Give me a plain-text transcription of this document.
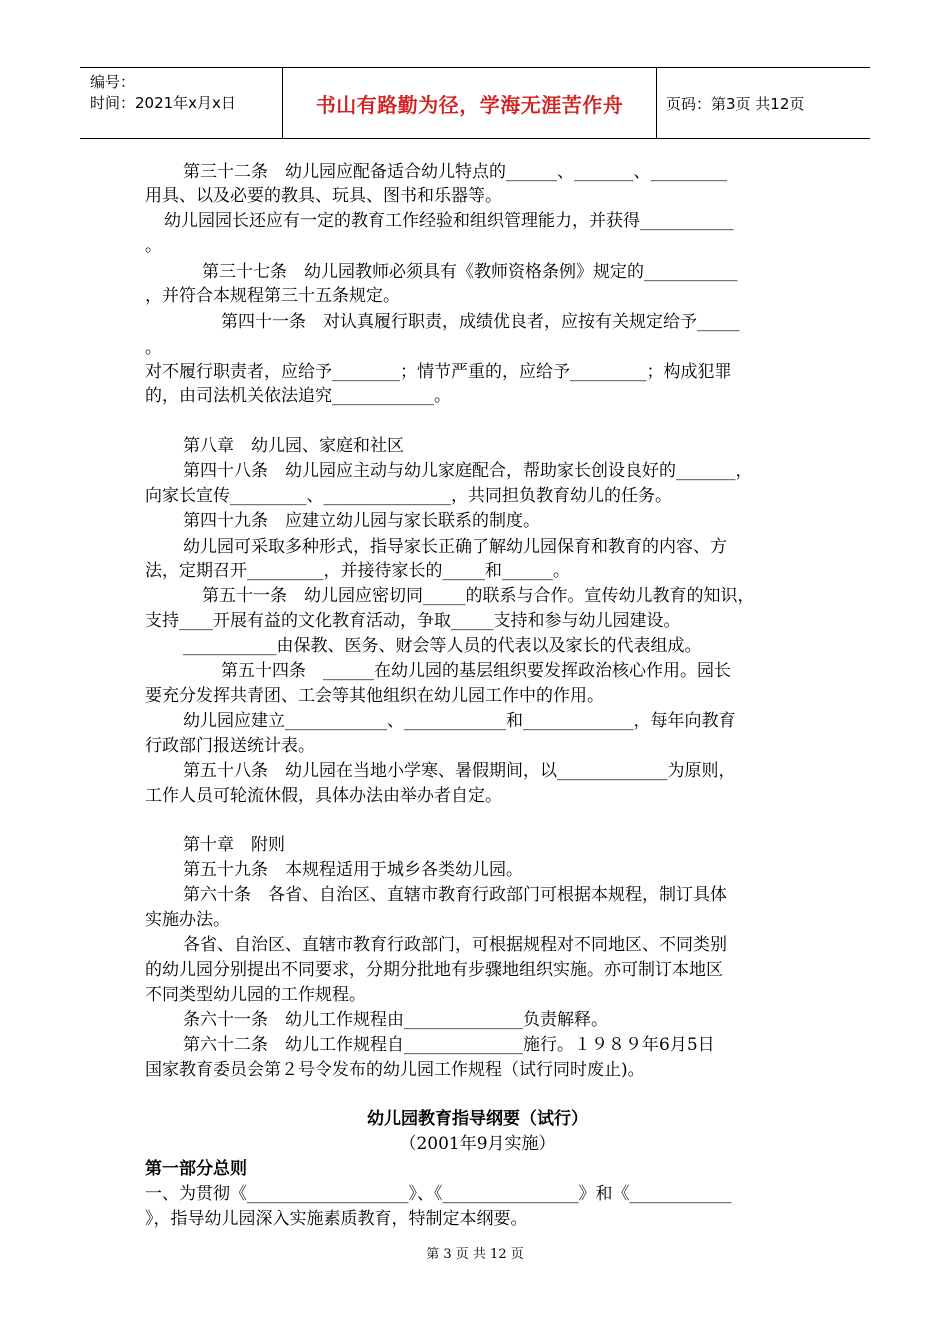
编号：
时间：2021年x月x日	书山有路勤为径，学海无涯苦作舟	页码：第3页 共12页
第三十二条　幼儿园应配备适合幼儿特点的______、_______、_________
用具、以及必要的教具、玩具、图书和乐器等。
幼儿园园长还应有一定的教育工作经验和组织管理能力，并获得___________
。
第三十七条　幼儿园教师必须具有《教师资格条例》规定的___________
，并符合本规程第三十五条规定。
第四十一条　对认真履行职责，成绩优良者，应按有关规定给予_____
。
对不履行职责者，应给予________；情节严重的，应给予_________；构成犯罪
的，由司法机关依法追究____________。
第八章　幼儿园、家庭和社区
第四十八条　幼儿园应主动与幼儿家庭配合，帮助家长创设良好的_______，
向家长宣传_________、_______________，共同担负教育幼儿的任务。
第四十九条　应建立幼儿园与家长联系的制度。
幼儿园可采取多种形式，指导家长正确了解幼儿园保育和教育的内容、方
法，定期召开_________，并接待家长的_____和______。
第五十一条　幼儿园应密切同_____的联系与合作。宣传幼儿教育的知识，
支持____开展有益的文化教育活动，争取_____支持和参与幼儿园建设。
___________由保教、医务、财会等人员的代表以及家长的代表组成。
第五十四条　______在幼儿园的基层组织要发挥政治核心作用。园长
要充分发挥共青团、工会等其他组织在幼儿园工作中的作用。
幼儿园应建立____________、____________和_____________，每年向教育
行政部门报送统计表。
第五十八条　幼儿园在当地小学寒、暑假期间，以_____________为原则，
工作人员可轮流休假，具体办法由举办者自定。
第十章　附则
第五十九条　本规程适用于城乡各类幼儿园。
第六十条　各省、自治区、直辖市教育行政部门可根据本规程，制订具体
实施办法。
各省、自治区、直辖市教育行政部门，可根据规程对不同地区、不同类别
的幼儿园分别提出不同要求，分期分批地有步骤地组织实施。亦可制订本地区
不同类型幼儿园的工作规程。
条六十一条　幼儿工作规程由______________负责解释。
第六十二条　幼儿工作规程自______________施行。１９８９年6月5日
国家教育委员会第２号令发布的幼儿园工作规程（试行同时废止)。
幼儿园教育指导纲要（试行）
（2001年9月实施）
第一部分总则
一、为贯彻《___________________》、《________________》和《____________
》，指导幼儿园深入实施素质教育，特制定本纲要。
第 3 页 共 12 页
